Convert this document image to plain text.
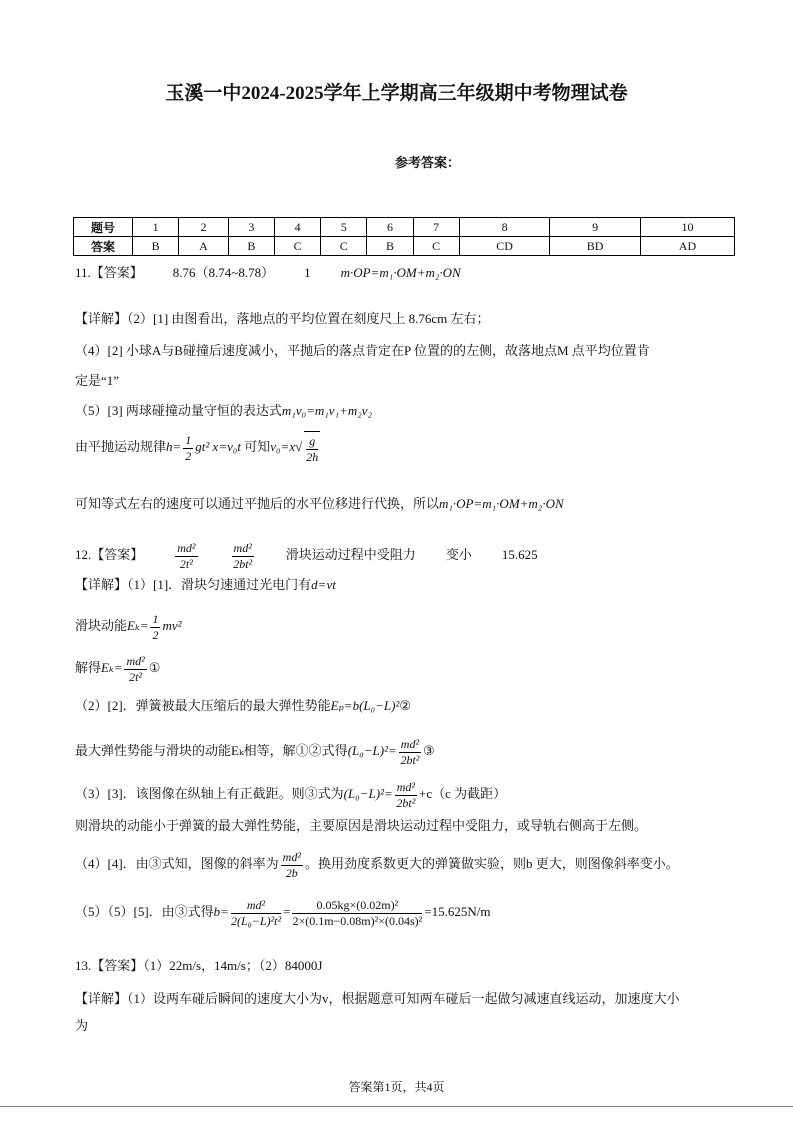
玉溪一中2024-2025学年上学期高三年级期中考物理试卷
参考答案：
题号	1	2	3	4	5	6	7	8	9	10
答案	B	A	B	C	C	B	C	CD	BD	AD
11.【答案】 8.76（8.74~8.78） 1 m·OP=m₁·OM+m₂·ON
【详解】（2）[1] 由图看出，落地点的平均位置在刻度尺上 8.76cm 左右；
（4）[2] 小球A与B碰撞后速度减小，平抛后的落点肯定在P 位置的的左侧，故落地点M 点平均位置肯
定是“1”
（5）[3] 两球碰撞动量守恒的表达式m₁v₀=m₁v₁+m₂v₂
由平抛运动规律$h= \frac{1}{2} gt^2$ x=v₀t 可知$v_0=x√ \frac{g}{2h}$
可知等式左右的速度可以通过平抛后的水平位移进行代换，所以m₁·OP=m₁·OM+m₂·ON
12.【答案】	$\frac{\text{md²}}{\text{2t²}}$	$\frac{\text{md²}}{\text{2bt²}}$ 滑块运动过程中受阻力 变小 15.625
【详解】（1）[1]．滑块匀速通过光电门有d=vt
滑块动能$E_k= \frac{1}{2} mv^2$
解得$E_k= \frac{\text{md²}}{\text{2t²}}$ ①
（2）[2]．弹簧被最大压缩后的最大弹性势能Eₚ=b(L₀−L)²②
最大弹性势能与滑块的动能Eₖ相等，解①②式得$(L_0-L)^2= \frac{\text{md²}}{\text{2bt²}}$ ③
（3）[3]．该图像在纵轴上有正截距。则③式为$(L_0-L)^2= \frac{\text{md²}}{\text{2bt²}} +c(c$ 为截距）
则滑块的动能小于弹簧的最大弹性势能，主要原因是滑块运动过程中受阻力，或导轨右侧高于左侧。
（4）[4]．由③式知，图像的斜率为 $\frac{\text{md²}}{2b}$ 。换用劲度系数更大的弹簧做实验，则b 更大，则图像斜率变小。
（5）（5）[5]．由③式得$b= \frac{\text{md²}}{\text{2(L₀−L)²t²}} = \frac{\text{0.05kg×(0.02m)²}}{\text{2×(0.1m−0.08m)²×(0.04s)²}} =15.625N/m$
13.【答案】（1）22m/s，14m/s；（2）84000J
【详解】（1）设两车碰后瞬间的速度大小为v，根据题意可知两车碰后一起做匀减速直线运动，加速度大小
为
答案第1页，共4页
